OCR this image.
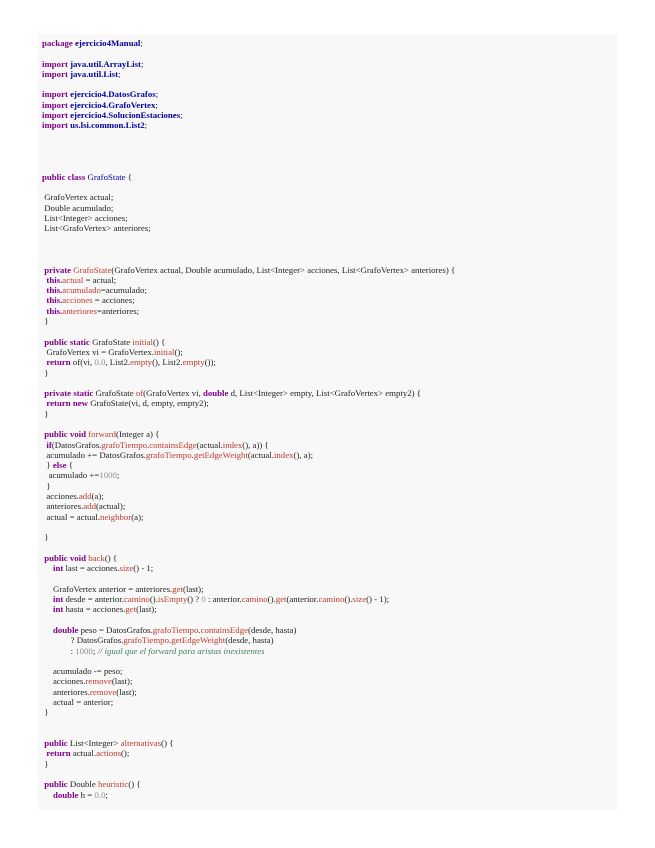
package ejercicio4Manual;

import java.util.ArrayList;
import java.util.List;

import ejercicio4.DatosGrafos;
import ejercicio4.GrafoVertex;
import ejercicio4.SolucionEstaciones;
import us.lsi.common.List2;

public class GrafoState {

GrafoVertex actual;
Double acumulado;
List<Integer> acciones;
List<GrafoVertex> anteriores;

private GrafoState(GrafoVertex actual, Double acumulado, List<Integer> acciones, List<GrafoVertex> anteriores) {
this.actual = actual;
this.acumulado=acumulado;
this.acciones = acciones;
this.anteriores=anteriores;
}

public static GrafoState initial() {
GrafoVertex vi = GrafoVertex.initial();
return of(vi, 0.0, List2.empty(), List2.empty());
}

private static GrafoState of(GrafoVertex vi, double d, List<Integer> empty, List<GrafoVertex> empty2) {
return new GrafoState(vi, d, empty, empty2);
}

public void forward(Integer a) {
if(DatosGrafos.grafoTiempo.containsEdge(actual.index(), a)) {
acumulado += DatosGrafos.grafoTiempo.getEdgeWeight(actual.index(), a);
} else {
acumulado +=1000;
}
acciones.add(a);
anteriores.add(actual);
actual = actual.neighbor(a);

}

public void back() {
int last = acciones.size() - 1;

GrafoVertex anterior = anteriores.get(last);
int desde = anterior.camino().isEmpty() ? 0 : anterior.camino().get(anterior.camino().size() - 1);
int hasta = acciones.get(last);

double peso = DatosGrafos.grafoTiempo.containsEdge(desde, hasta)
? DatosGrafos.grafoTiempo.getEdgeWeight(desde, hasta)
: 1000; // igual que el forward para aristas inexistentes

acumulado -= peso;
acciones.remove(last);
anteriores.remove(last);
actual = anterior;
}

public List<Integer> alternativas() {
return actual.actions();
}

public Double heuristic() {
double h = 0.0;
